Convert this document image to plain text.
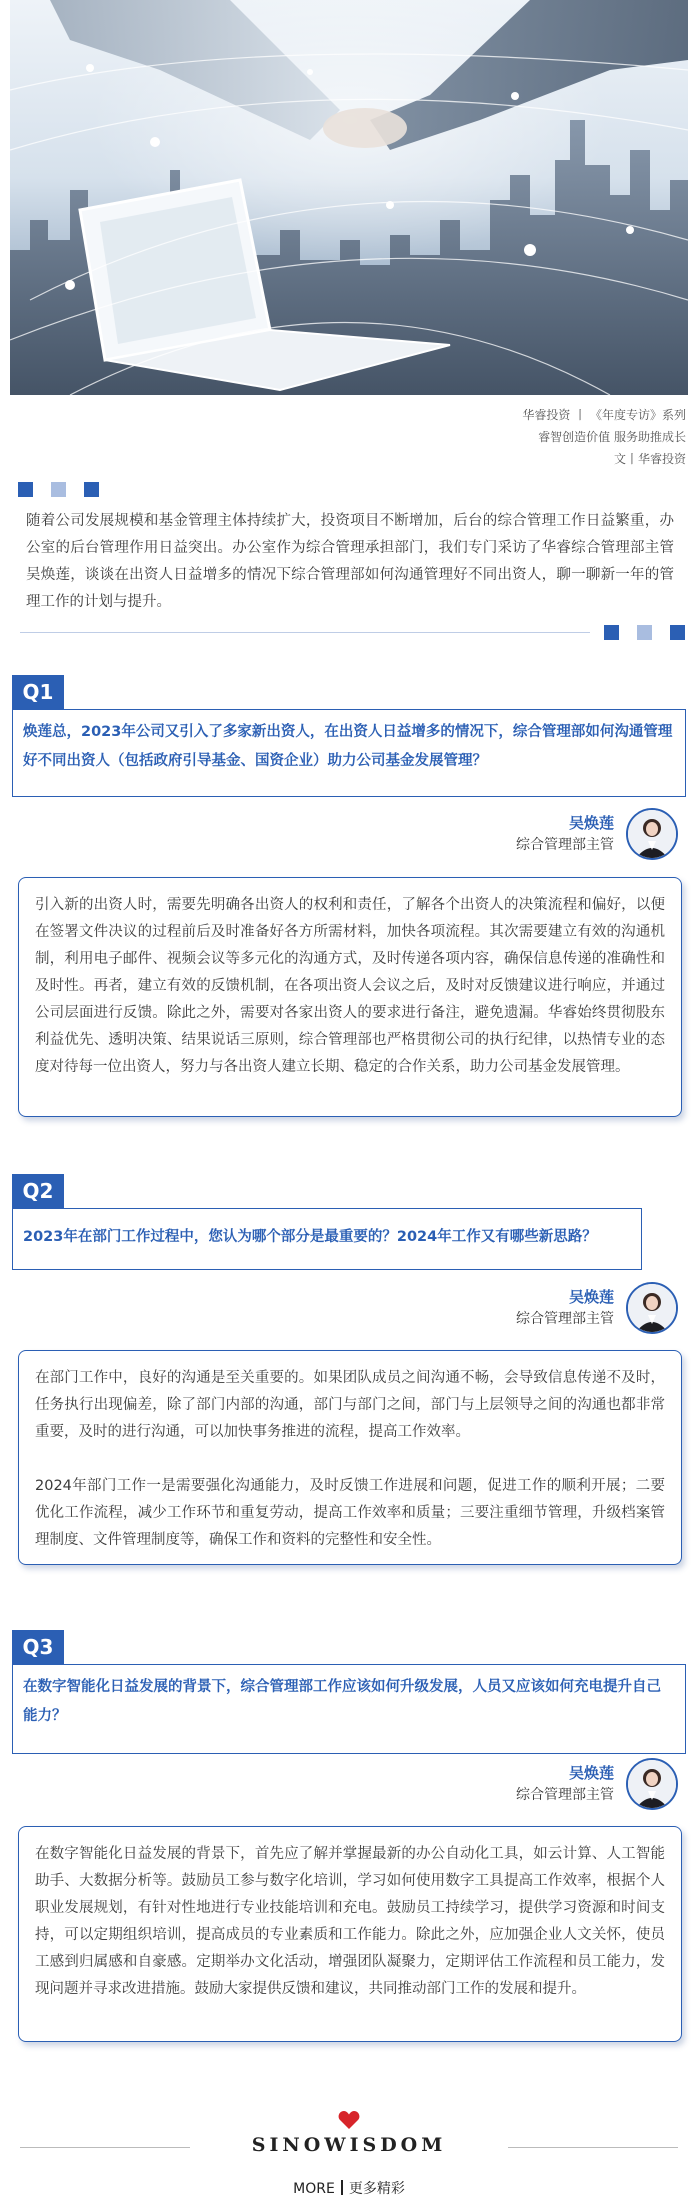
华睿投资 丨 《年度专访》系列
睿智创造价值 服务助推成长
文丨华睿投资
随着公司发展规模和基金管理主体持续扩大，投资项目不断增加，后台的综合管理工作日益繁重，办公室的后台管理作用日益突出。办公室作为综合管理承担部门，我们专门采访了华睿综合管理部主管吴焕莲，谈谈在出资人日益增多的情况下综合管理部如何沟通管理好不同出资人，聊一聊新一年的管理工作的计划与提升。
Q1
焕莲总，2023年公司又引入了多家新出资人，在出资人日益增多的情况下，综合管理部如何沟通管理好不同出资人（包括政府引导基金、国资企业）助力公司基金发展管理？
吴焕莲
综合管理部主管

引入新的出资人时，需要先明确各出资人的权利和责任，了解各个出资人的决策流程和偏好，以便在签署文件决议的过程前后及时准备好各方所需材料，加快各项流程。其次需要建立有效的沟通机制，利用电子邮件、视频会议等多元化的沟通方式，及时传递各项内容，确保信息传递的准确性和及时性。再者，建立有效的反馈机制，在各项出资人会议之后，及时对反馈建议进行响应，并通过公司层面进行反馈。除此之外，需要对各家出资人的要求进行备注，避免遗漏。华睿始终贯彻股东利益优先、透明决策、结果说话三原则，综合管理部也严格贯彻公司的执行纪律，以热情专业的态度对待每一位出资人，努力与各出资人建立长期、稳定的合作关系，助力公司基金发展管理。

Q2
2023年在部门工作过程中，您认为哪个部分是最重要的？2024年工作又有哪些新思路？
吴焕莲
综合管理部主管

在部门工作中，良好的沟通是至关重要的。如果团队成员之间沟通不畅，会导致信息传递不及时，任务执行出现偏差，除了部门内部的沟通，部门与部门之间，部门与上层领导之间的沟通也都非常重要，及时的进行沟通，可以加快事务推进的流程，提高工作效率。

2024年部门工作一是需要强化沟通能力，及时反馈工作进展和问题，促进工作的顺利开展；二要优化工作流程，减少工作环节和重复劳动，提高工作效率和质量；三要注重细节管理，升级档案管理制度、文件管理制度等，确保工作和资料的完整性和安全性。

Q3
在数字智能化日益发展的背景下，综合管理部工作应该如何升级发展，人员又应该如何充电提升自己能力？
吴焕莲
综合管理部主管

在数字智能化日益发展的背景下，首先应了解并掌握最新的办公自动化工具，如云计算、人工智能助手、大数据分析等。鼓励员工参与数字化培训，学习如何使用数字工具提高工作效率，根据个人职业发展规划，有针对性地进行专业技能培训和充电。鼓励员工持续学习，提供学习资源和时间支持，可以定期组织培训，提高成员的专业素质和工作能力。除此之外，应加强企业人文关怀，使员工感到归属感和自豪感。定期举办文化活动，增强团队凝聚力，定期评估工作流程和员工能力，发现问题并寻求改进措施。鼓励大家提供反馈和建议，共同推动部门工作的发展和提升。

SINOWISDOM
MORE 更多精彩
